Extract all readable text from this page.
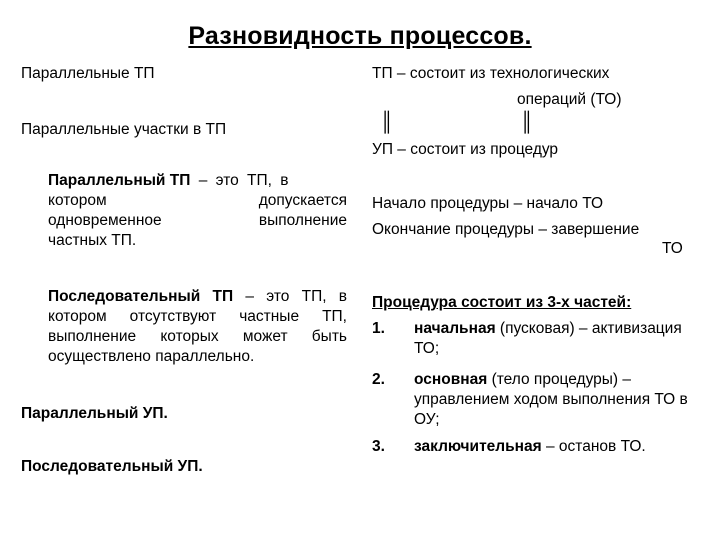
Разновидность процессов.
Параллельные ТП
Параллельные участки в ТП
Параллельный ТП – это ТП, в
котором	допускается
одновременное	выполнение
частных ТП.
Последовательный ТП – это ТП, в котором отсутствуют частные ТП, выполнение которых может быть осуществлено параллельно.
Параллельный УП.
Последовательный УП.
ТП – состоит из технологических
операций (ТО)
║	║
УП – состоит из процедур
Начало процедуры – начало ТО
Окончание процедуры – завершение
ТО
Процедура состоит из 3-х частей:
1. начальная (пусковая) – активизация ТО;
2. основная (тело процедуры) – управлением ходом выполнения ТО в ОУ;
3. заключительная – останов ТО.
